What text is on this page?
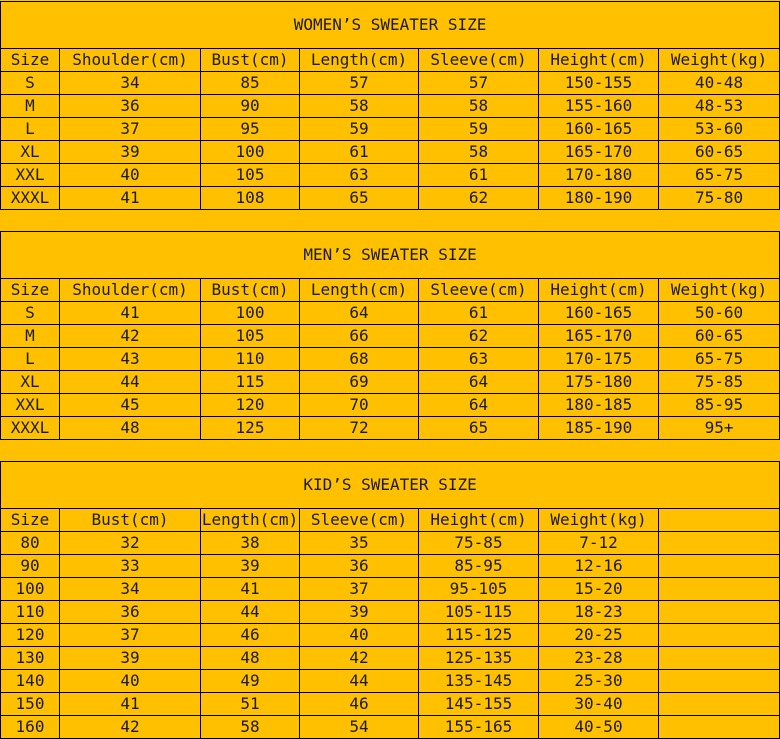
WOMEN’S SWEATER SIZE						
Size	Shoulder(cm)	Bust(cm)	Length(cm)	Sleeve(cm)	Height(cm)	Weight(kg)
S	34	85	57	57	150-155	40-48
M	36	90	58	58	155-160	48-53
L	37	95	59	59	160-165	53-60
XL	39	100	61	58	165-170	60-65
XXL	40	105	63	61	170-180	65-75
XXXL	41	108	65	62	180-190	75-80
MEN’S SWEATER SIZE						
Size	Shoulder(cm)	Bust(cm)	Length(cm)	Sleeve(cm)	Height(cm)	Weight(kg)
S	41	100	64	61	160-165	50-60
M	42	105	66	62	165-170	60-65
L	43	110	68	63	170-175	65-75
XL	44	115	69	64	175-180	75-85
XXL	45	120	70	64	180-185	85-95
XXXL	48	125	72	65	185-190	95+
KID’S SWEATER SIZE						
Size	Bust(cm)	Length(cm)	Sleeve(cm)	Height(cm)	Weight(kg)	
80	32	38	35	75-85	7-12	
90	33	39	36	85-95	12-16	
100	34	41	37	95-105	15-20	
110	36	44	39	105-115	18-23	
120	37	46	40	115-125	20-25	
130	39	48	42	125-135	23-28	
140	40	49	44	135-145	25-30	
150	41	51	46	145-155	30-40	
160	42	58	54	155-165	40-50	
